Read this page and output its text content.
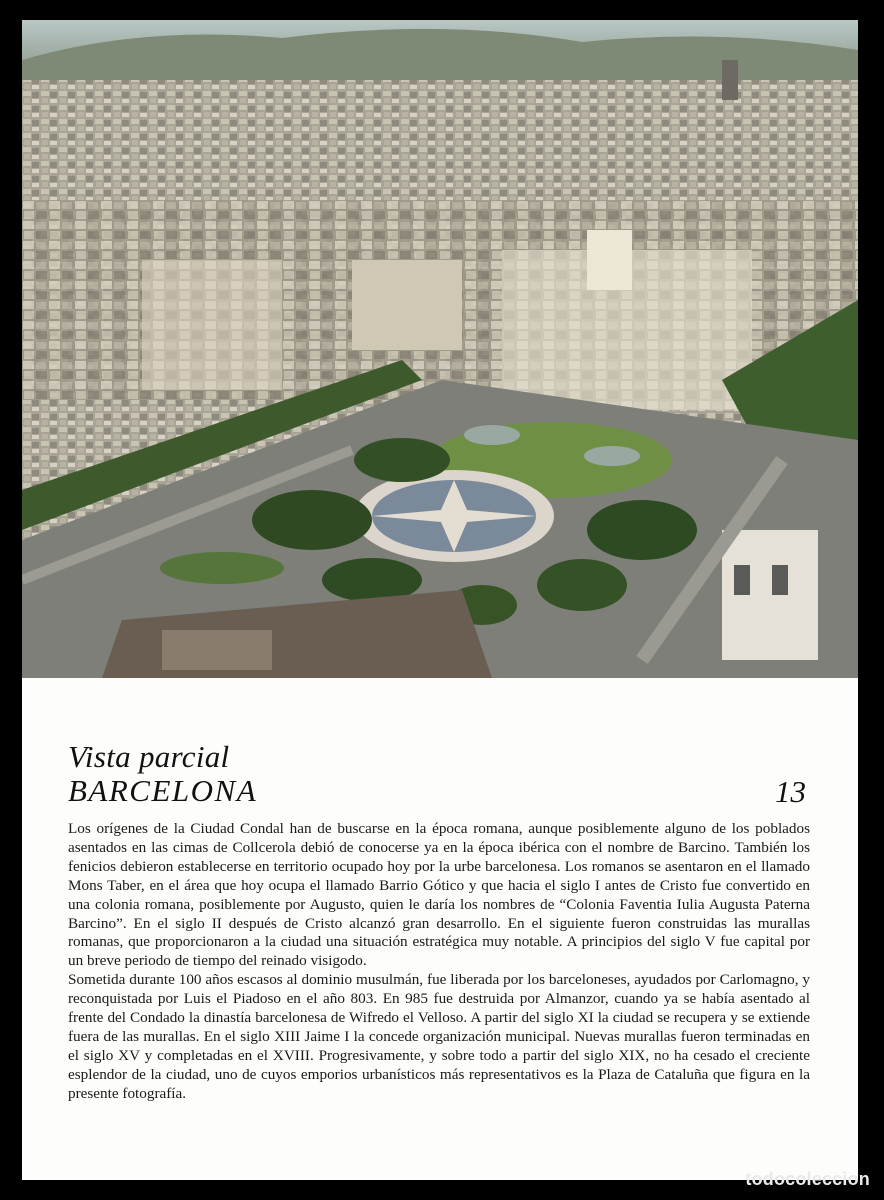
Vista parcial
BARCELONA	13

Los orígenes de la Ciudad Condal han de buscarse en la época romana, aunque posiblemente alguno de los poblados asentados en las cimas de Collcerola debió de conocerse ya en la época ibérica con el nombre de Barcino. También los fenicios debieron establecerse en territorio ocupado hoy por la urbe barcelonesa. Los romanos se asentaron en el llamado Mons Taber, en el área que hoy ocupa el llamado Barrio Gótico y que hacia el siglo I antes de Cristo fue convertido en una colonia romana, posiblemente por Augusto, quien le daría los nombres de “Colonia Faventia Iulia Augusta Paterna Barcino”. En el siglo II después de Cristo alcanzó gran desarrollo. En el siguiente fueron construidas las murallas romanas, que proporcionaron a la ciudad una situación estratégica muy notable. A principios del siglo V fue capital por un breve periodo de tiempo del reinado visigodo.

Sometida durante 100 años escasos al dominio musulmán, fue liberada por los barceloneses, ayudados por Carlomagno, y reconquistada por Luis el Piadoso en el año 803. En 985 fue destruida por Almanzor, cuando ya se había asentado al frente del Condado la dinastía barcelonesa de Wifredo el Velloso. A partir del siglo XI la ciudad se recupera y se extiende fuera de las murallas. En el siglo XIII Jaime I la concede organización municipal. Nuevas murallas fueron terminadas en el siglo XV y completadas en el XVIII. Progresivamente, y sobre todo a partir del siglo XIX, no ha cesado el creciente esplendor de la ciudad, uno de cuyos emporios urbanísticos más representativos es la Plaza de Cataluña que figura en la presente fotografía.

todocoleccion
